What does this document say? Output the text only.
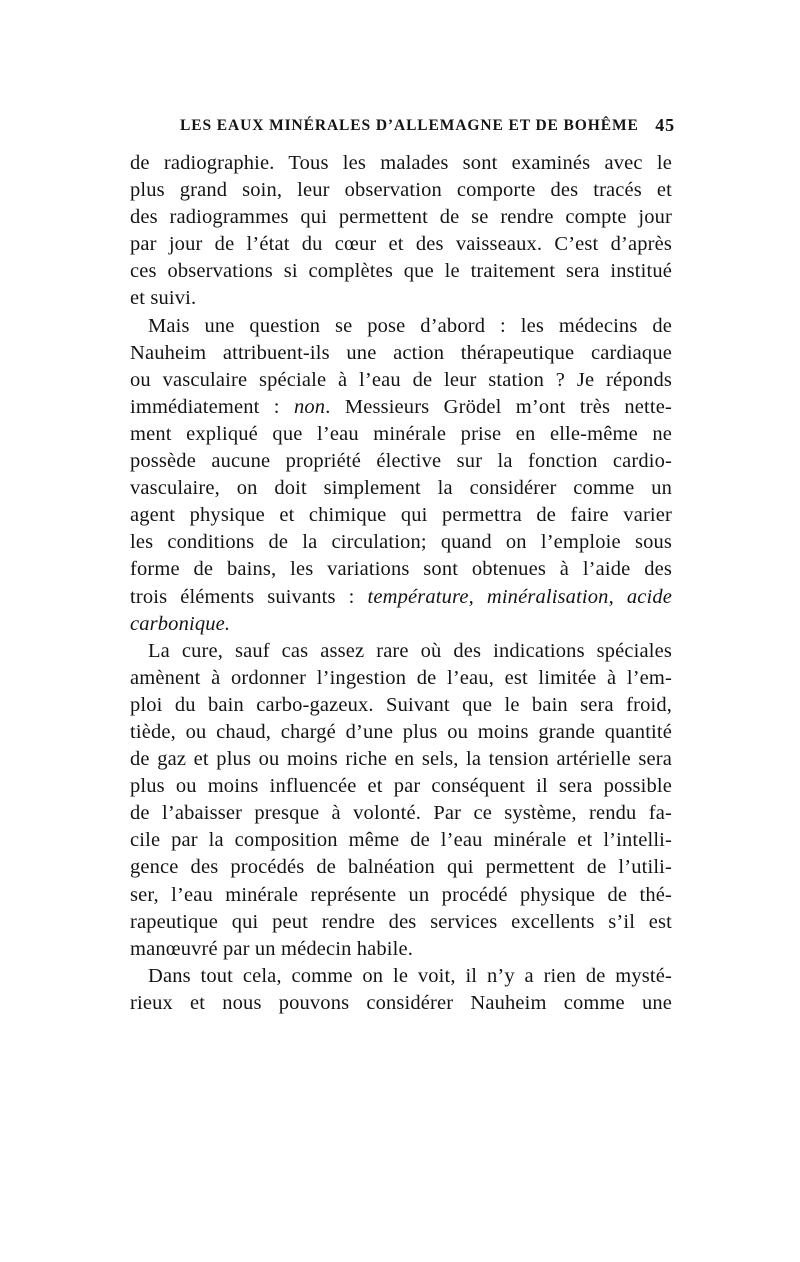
LES EAUX MINÉRALES D’ALLEMAGNE ET DE BOHÊME 45
de radiographie. Tous les malades sont examinés avec le
plus grand soin, leur observation comporte des tracés et
des radiogrammes qui permettent de se rendre compte jour
par jour de l’état du cœur et des vaisseaux. C’est d’après
ces observations si complètes que le traitement sera institué
et suivi.
Mais une question se pose d’abord : les médecins de
Nauheim attribuent-ils une action thérapeutique cardiaque
ou vasculaire spéciale à l’eau de leur station ? Je réponds
immédiatement : non. Messieurs Grödel m’ont très nette-
ment expliqué que l’eau minérale prise en elle-même ne
possède aucune propriété élective sur la fonction cardio-
vasculaire, on doit simplement la considérer comme un
agent physique et chimique qui permettra de faire varier
les conditions de la circulation; quand on l’emploie sous
forme de bains, les variations sont obtenues à l’aide des
trois éléments suivants : température, minéralisation, acide
carbonique.
La cure, sauf cas assez rare où des indications spéciales
amènent à ordonner l’ingestion de l’eau, est limitée à l’em-
ploi du bain carbo-gazeux. Suivant que le bain sera froid,
tiède, ou chaud, chargé d’une plus ou moins grande quantité
de gaz et plus ou moins riche en sels, la tension artérielle sera
plus ou moins influencée et par conséquent il sera possible
de l’abaisser presque à volonté. Par ce système, rendu fa-
cile par la composition même de l’eau minérale et l’intelli-
gence des procédés de balnéation qui permettent de l’utili-
ser, l’eau minérale représente un procédé physique de thé-
rapeutique qui peut rendre des services excellents s’il est
manœuvré par un médecin habile.
Dans tout cela, comme on le voit, il n’y a rien de mysté-
rieux et nous pouvons considérer Nauheim comme une
